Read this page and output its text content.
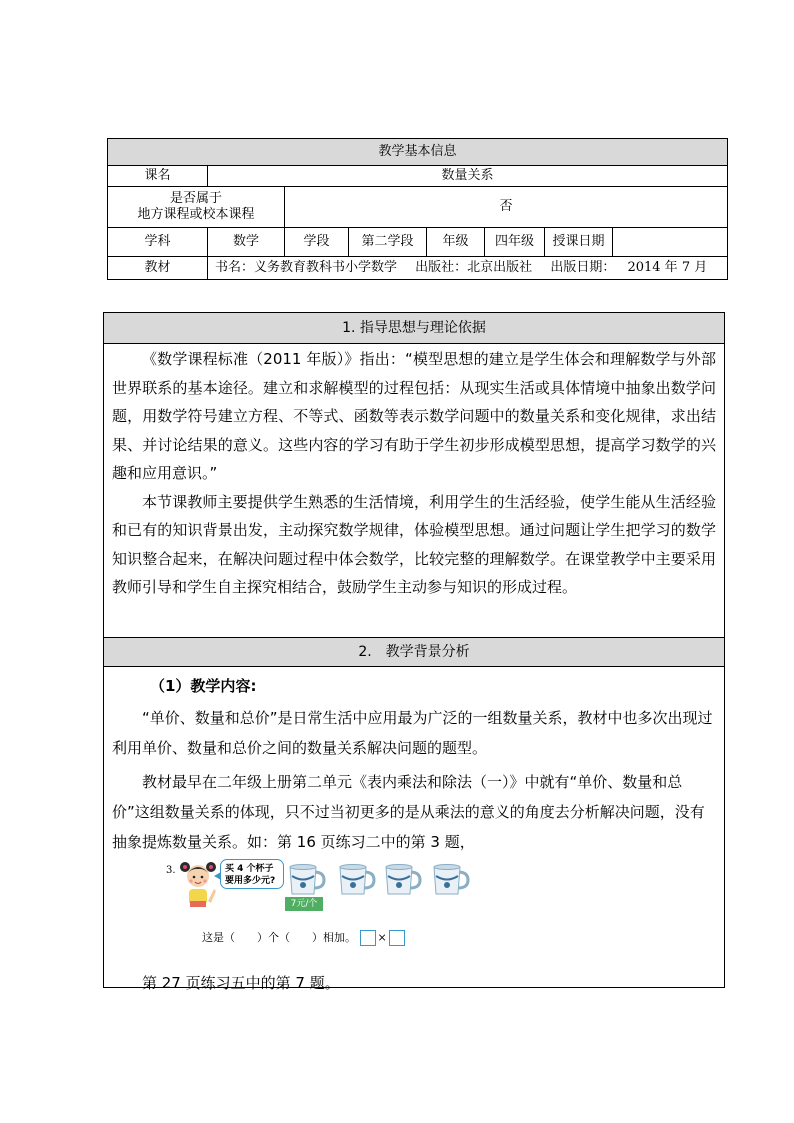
教学基本信息							
课名	数量关系						

是否属于
地方课程或校本课程		否					
学科	数学	学段	第二学段	年级	四年级	授课日期	
教材	书名：义务教育教科书小学数学 出版社：北京出版社 出版日期： 2014 年 7 月						
1. 指导思想与理论依据

《数学课程标准（2011 年版）》指出：“模型思想的建立是学生体会和理解数学与外部世界联系的基本途径。建立和求解模型的过程包括：从现实生活或具体情境中抽象出数学问题，用数学符号建立方程、不等式、函数等表示数学问题中的数量关系和变化规律，求出结果、并讨论结果的意义。这些内容的学习有助于学生初步形成模型思想，提高学习数学的兴趣和应用意识。”

本节课教师主要提供学生熟悉的生活情境，利用学生的生活经验，使学生能从生活经验和已有的知识背景出发，主动探究数学规律，体验模型思想。通过问题让学生把学习的数学知识整合起来，在解决问题过程中体会数学，比较完整的理解数学。在课堂教学中主要采用教师引导和学生自主探究相结合，鼓励学生主动参与知识的形成过程。

2.　教学背景分析
（1）教学内容:

“单价、数量和总价”是日常生活中应用最为广泛的一组数量关系，教材中也多次出现过利用单价、数量和总价之间的数量关系解决问题的题型。

教材最早在二年级上册第二单元《表内乘法和除法（一）》中就有“单价、数量和总价”这组数量关系的体现，只不过当初更多的是从乘法的意义的角度去分析解决问题，没有抽象提炼数量关系。如：第 16 页练习二中的第 3 题，

3.	买 4 个杯子要用多少元?
7元/个
这是（　　）个（　　）相加。 ×

第 27 页练习五中的第 7 题。
